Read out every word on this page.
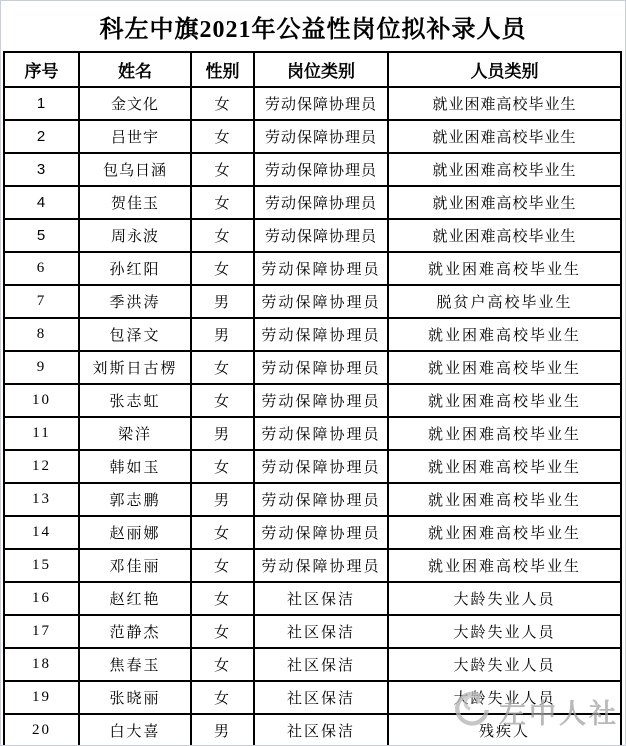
科左中旗2021年公益性岗位拟补录人员
序号	姓名	性别	岗位类别	人员类别
1	金文化	女	劳动保障协理员	就业困难高校毕业生
2	吕世宇	女	劳动保障协理员	就业困难高校毕业生
3	包乌日涵	女	劳动保障协理员	就业困难高校毕业生
4	贺佳玉	女	劳动保障协理员	就业困难高校毕业生
5	周永波	女	劳动保障协理员	就业困难高校毕业生
6	孙红阳	女	劳动保障协理员	就业困难高校毕业生
7	季洪涛	男	劳动保障协理员	脱贫户高校毕业生
8	包泽文	男	劳动保障协理员	就业困难高校毕业生
9	刘斯日古楞	女	劳动保障协理员	就业困难高校毕业生
10	张志虹	女	劳动保障协理员	就业困难高校毕业生
11	梁洋	男	劳动保障协理员	就业困难高校毕业生
12	韩如玉	女	劳动保障协理员	就业困难高校毕业生
13	郭志鹏	男	劳动保障协理员	就业困难高校毕业生
14	赵丽娜	女	劳动保障协理员	就业困难高校毕业生
15	邓佳丽	女	劳动保障协理员	就业困难高校毕业生
16	赵红艳	女	社区保洁	大龄失业人员
17	范静杰	女	社区保洁	大龄失业人员
18	焦春玉	女	社区保洁	大龄失业人员
19	张晓丽	女	社区保洁	大龄失业人员
20	白大喜	男	社区保洁	残疾人
左中人社
